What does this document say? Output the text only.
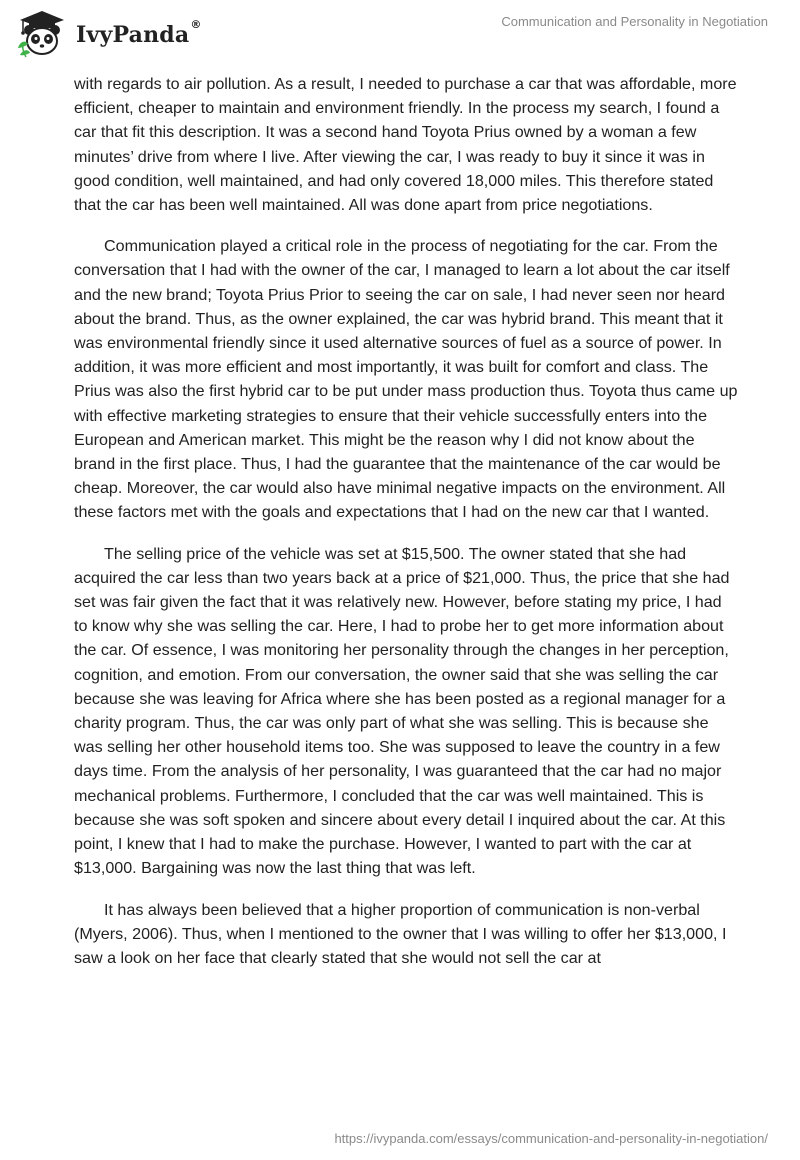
IvyPanda®	Communication and Personality in Negotiation

with regards to air pollution. As a result, I needed to purchase a car that was affordable, more efficient, cheaper to maintain and environment friendly. In the process my search, I found a car that fit this description. It was a second hand Toyota Prius owned by a woman a few minutes’ drive from where I live. After viewing the car, I was ready to buy it since it was in good condition, well maintained, and had only covered 18,000 miles. This therefore stated that the car has been well maintained. All was done apart from price negotiations.

Communication played a critical role in the process of negotiating for the car. From the conversation that I had with the owner of the car, I managed to learn a lot about the car itself and the new brand; Toyota Prius Prior to seeing the car on sale, I had never seen nor heard about the brand. Thus, as the owner explained, the car was hybrid brand. This meant that it was environmental friendly since it used alternative sources of fuel as a source of power. In addition, it was more efficient and most importantly, it was built for comfort and class. The Prius was also the first hybrid car to be put under mass production thus. Toyota thus came up with effective marketing strategies to ensure that their vehicle successfully enters into the European and American market. This might be the reason why I did not know about the brand in the first place. Thus, I had the guarantee that the maintenance of the car would be cheap. Moreover, the car would also have minimal negative impacts on the environment. All these factors met with the goals and expectations that I had on the new car that I wanted.

The selling price of the vehicle was set at $15,500. The owner stated that she had acquired the car less than two years back at a price of $21,000. Thus, the price that she had set was fair given the fact that it was relatively new. However, before stating my price, I had to know why she was selling the car. Here, I had to probe her to get more information about the car. Of essence, I was monitoring her personality through the changes in her perception, cognition, and emotion. From our conversation, the owner said that she was selling the car because she was leaving for Africa where she has been posted as a regional manager for a charity program. Thus, the car was only part of what she was selling. This is because she was selling her other household items too. She was supposed to leave the country in a few days time. From the analysis of her personality, I was guaranteed that the car had no major mechanical problems. Furthermore, I concluded that the car was well maintained. This is because she was soft spoken and sincere about every detail I inquired about the car. At this point, I knew that I had to make the purchase. However, I wanted to part with the car at $13,000. Bargaining was now the last thing that was left.

It has always been believed that a higher proportion of communication is non-verbal (Myers, 2006). Thus, when I mentioned to the owner that I was willing to offer her $13,000, I saw a look on her face that clearly stated that she would not sell the car at

https://ivypanda.com/essays/communication-and-personality-in-negotiation/
